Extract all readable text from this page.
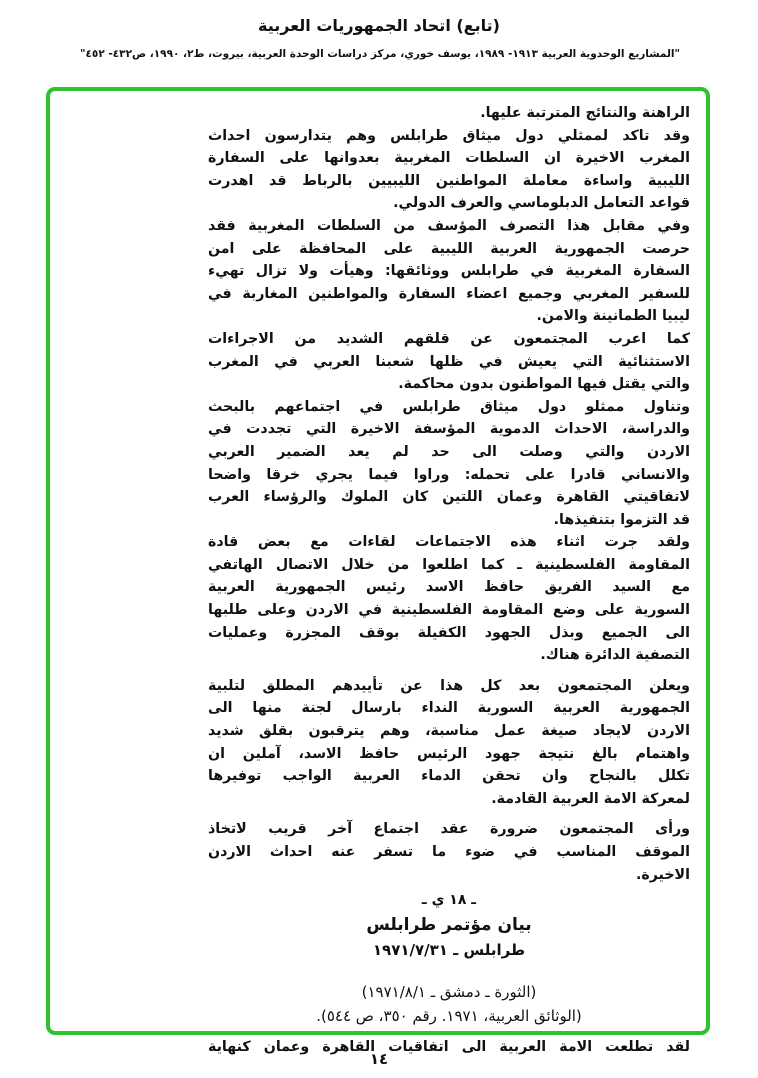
(تابع) اتحاد الجمهوريات العربية
"المشاريع الوحدوية العربية ١٩١٣- ١٩٨٩، يوسف خوري، مركز دراسات الوحدة العربية، بيروت، ط٢، ١٩٩٠، ص٤٣٢- ٤٥٢"
الراهنة والنتائج المترتبة عليها.
وقد تاكد لممثلي دول ميثاق طرابلس وهم يتدارسون احداث
المغرب الاخيرة ان السلطات المغربية بعدوانها على السفارة
الليبية واساءة معاملة المواطنين الليبيين بالرباط قد اهدرت
قواعد التعامل الدبلوماسي والعرف الدولي.
وفي مقابل هذا التصرف المؤسف من السلطات المغربية فقد
حرصت الجمهورية العربية الليبية على المحافظة على امن
السفارة المغربية في طرابلس ووثائقها: وهيأت ولا تزال تهيء
للسفير المغربي وجميع اعضاء السفارة والمواطنين المغاربة في
ليبيا الطمانينة والامن.
كما اعرب المجتمعون عن قلقهم الشديد من الاجراءات
الاستثنائية التي يعيش في ظلها شعبنا العربي في المغرب
والتي يقتل فيها المواطنون بدون محاكمة.
وتناول ممثلو دول ميثاق طرابلس في اجتماعهم بالبحث
والدراسة، الاحداث الدموية المؤسفة الاخيرة التي تجددت في
الاردن والتي وصلت الى حد لم يعد الضمير العربي
والانساني قادرا على تحمله: وراوا فيما يجري خرقا واضحا
لاتفاقيتي القاهرة وعمان اللتين كان الملوك والرؤساء العرب
قد التزموا بتنفيذها.
ولقد جرت اثناء هذه الاجتماعات لقاءات مع بعض قادة
المقاومة الفلسطينية ـ كما اطلعوا من خلال الاتصال الهاتفي
مع السيد الفريق حافظ الاسد رئيس الجمهورية العربية
السورية على وضع المقاومة الفلسطينية في الاردن وعلى طلبها
الى الجميع وبذل الجهود الكفيلة بوقف المجزرة وعمليات
التصفية الدائرة هناك.
ويعلن المجتمعون بعد كل هذا عن تأييدهم المطلق لتلبية
الجمهورية العربية السورية النداء بارسال لجنة منها الى
الاردن لايجاد صيغة عمل مناسبة، وهم يترقبون بقلق شديد
واهتمام بالغ نتيجة جهود الرئيس حافظ الاسد، آملين ان
تكلل بالنجاح وان تحقن الدماء العربية الواجب توفيرها
لمعركة الامة العربية القادمة.
ورأى المجتمعون ضرورة عقد اجتماع آخر قريب لاتخاذ
الموقف المناسب في ضوء ما تسفر عنه احداث الاردن
الاخيرة.
ـ ١٨ ي ـ
بيان مؤتمر طرابلس
طرابلس ـ ١٩٧١/٧/٣١
(الثورة ـ دمشق ـ ١٩٧١/٨/١)
(الوثائق العربية، ١٩٧١. رقم ٣٥٠، ص ٥٤٤).
لقد تطلعت الامة العربية الى اتفاقيات القاهرة وعمان كنهاية
١٤
